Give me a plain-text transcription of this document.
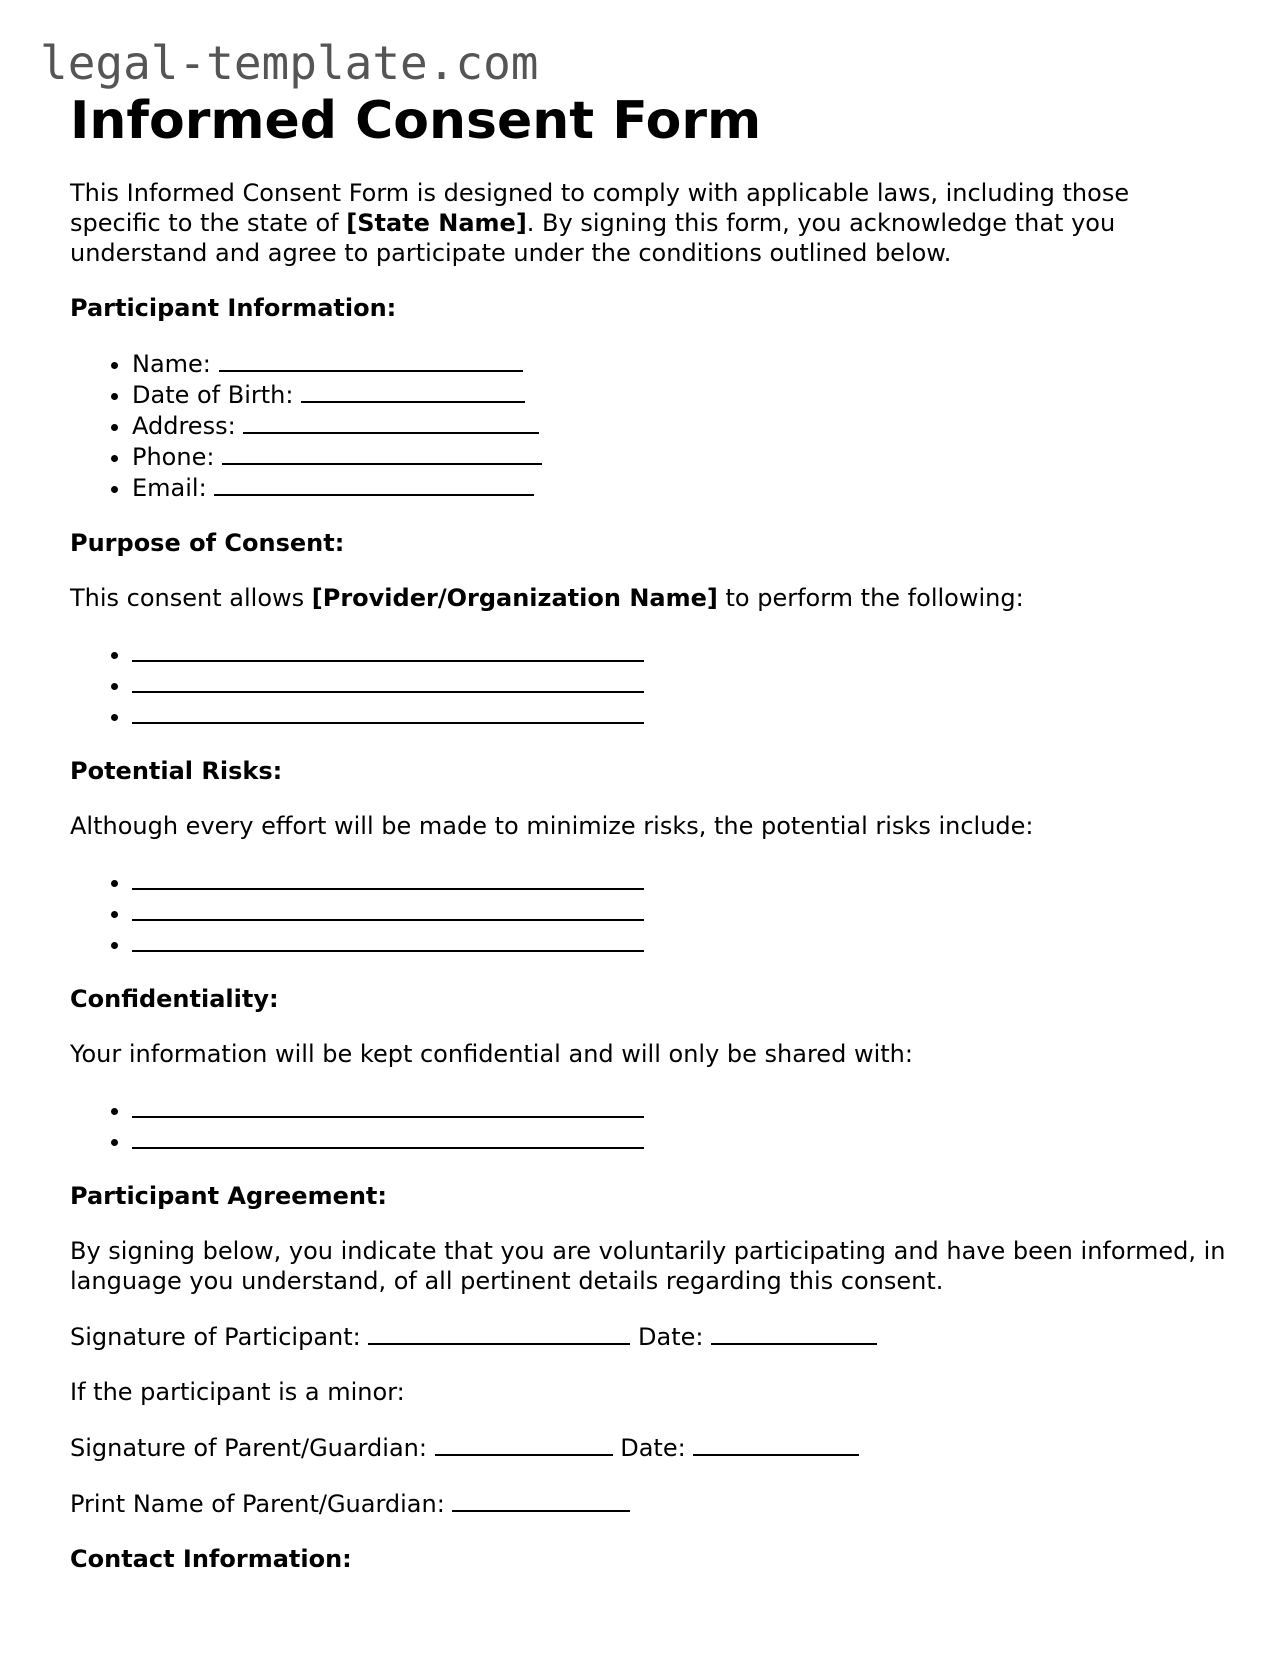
legal-template.com
Informed Consent Form

This Informed Consent Form is designed to comply with applicable laws, including those specific to the state of [State Name]. By signing this form, you acknowledge that you understand and agree to participate under the conditions outlined below.

Participant Information:

• Name:
• Date of Birth:
• Address:
• Phone:
• Email:

Purpose of Consent:

This consent allows [Provider/Organization Name] to perform the following:

•
•
•

Potential Risks:

Although every effort will be made to minimize risks, the potential risks include:

•
•
•

Confidentiality:

Your information will be kept confidential and will only be shared with:

•
•

Participant Agreement:

By signing below, you indicate that you are voluntarily participating and have been informed, in language you understand, of all pertinent details regarding this consent.

Signature of Participant:	Date:

If the participant is a minor:

Signature of Parent/Guardian:	Date:

Print Name of Parent/Guardian:

Contact Information:
